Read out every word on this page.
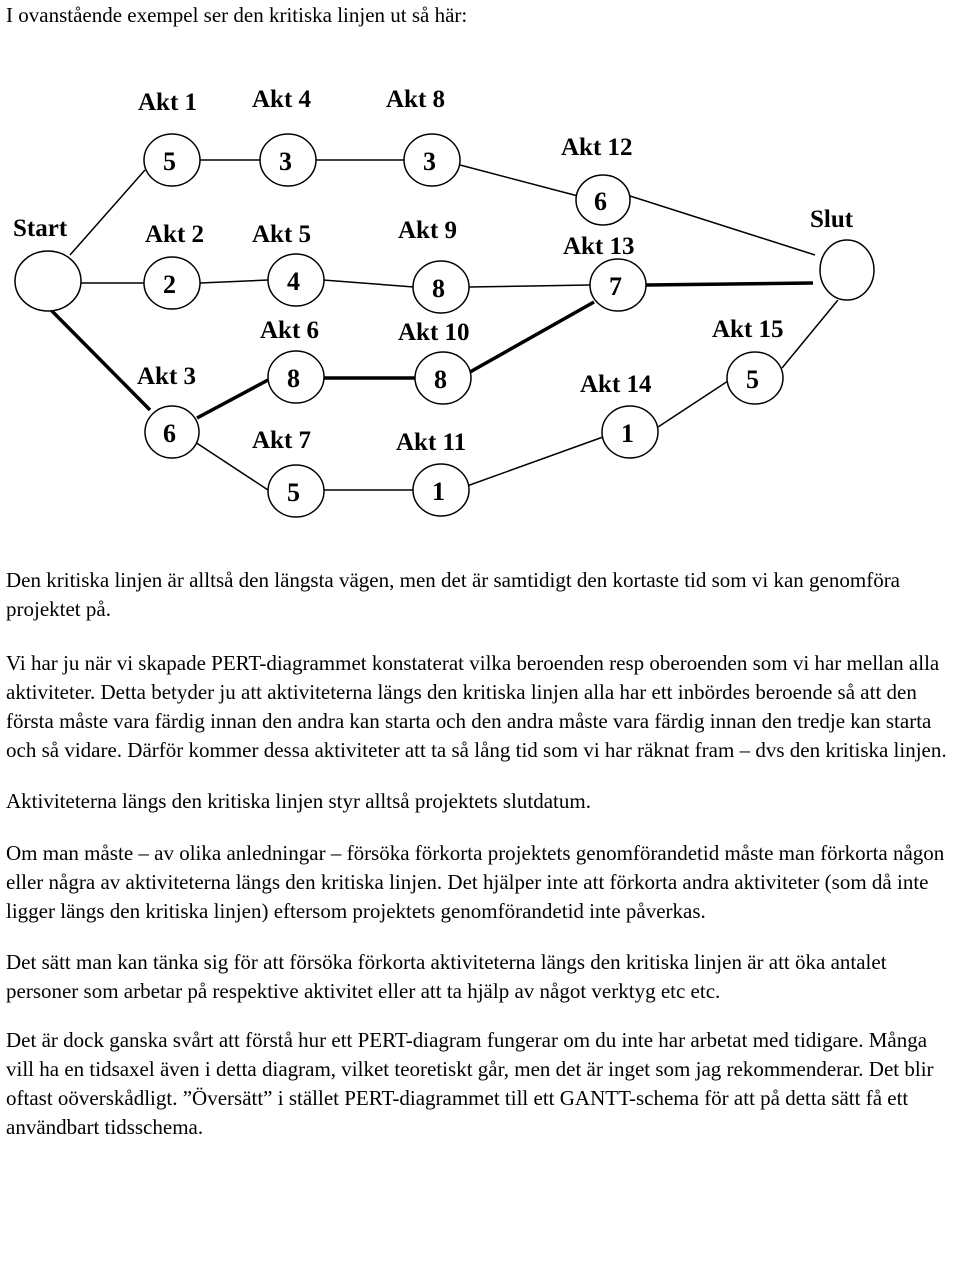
I ovanstående exempel ser den kritiska linjen ut så här:

Start	Slut
Akt 1
5
Akt 2
2
Akt 3
6
Akt 4
3
Akt 5
4
Akt 6
8
Akt 7
5
Akt 8
3
Akt 9
8
Akt 10
8
Akt 11
1
Akt 12
6
Akt 13
7
Akt 14
1
Akt 15
5

Den kritiska linjen är alltså den längsta vägen, men det är samtidigt den kortaste tid som vi kan genomföra projektet på.

Vi har ju när vi skapade PERT-diagrammet konstaterat vilka beroenden resp oberoenden som vi har mellan alla aktiviteter. Detta betyder ju att aktiviteterna längs den kritiska linjen alla har ett inbördes beroende så att den första måste vara färdig innan den andra kan starta och den andra måste vara färdig innan den tredje kan starta och så vidare. Därför kommer dessa aktiviteter att ta så lång tid som vi har räknat fram – dvs den kritiska linjen.

Aktiviteterna längs den kritiska linjen styr alltså projektets slutdatum.

Om man måste – av olika anledningar – försöka förkorta projektets genomförandetid måste man förkorta någon eller några av aktiviteterna längs den kritiska linjen. Det hjälper inte att förkorta andra aktiviteter (som då inte ligger längs den kritiska linjen) eftersom projektets genomförandetid inte påverkas.

Det sätt man kan tänka sig för att försöka förkorta aktiviteterna längs den kritiska linjen är att öka antalet personer som arbetar på respektive aktivitet eller att ta hjälp av något verktyg etc etc.

Det är dock ganska svårt att förstå hur ett PERT-diagram fungerar om du inte har arbetat med tidigare. Många vill ha en tidsaxel även i detta diagram, vilket teoretiskt går, men det är inget som jag rekommenderar. Det blir oftast oöverskådligt. ”Översätt” i stället PERT-diagrammet till ett GANTT-schema för att på detta sätt få ett användbart tidsschema.
